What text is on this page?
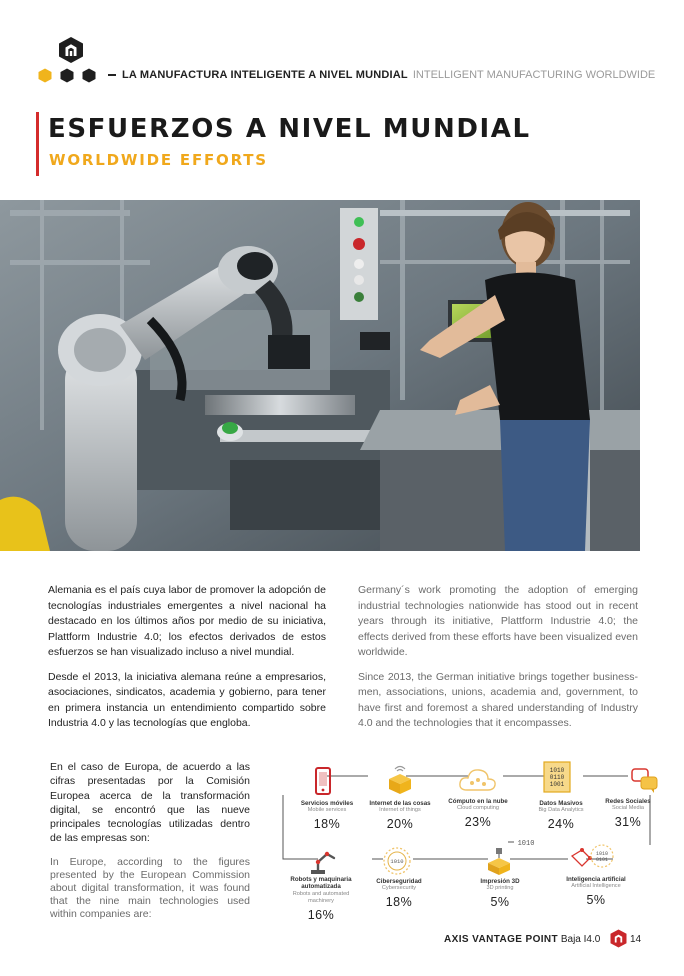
LA MANUFACTURA INTELIGENTE A NIVEL MUNDIAL INTELLIGENT MANUFACTURING WORLDWIDE
ESFUERZOS A NIVEL MUNDIAL
WORLDWIDE EFFORTS

Alemania es el país cuya labor de promover la adopción de tecnologías industriales emergentes a nivel nacional ha destacado en los últimos años por medio de su iniciativa, Plattform Industrie 4.0; los efectos derivados de estos esfuerzos se han visualizado incluso a nivel mundial.

Desde el 2013, la iniciativa alemana reúne a empresarios, asociaciones, sindicatos, academia y gobierno, para tener en primera instancia un entendimiento compartido sobre Industria 4.0 y las tecnologías que engloba.

Germany´s work promoting the adoption of emerging industrial technologies nationwide has stood out in recent years through its initiative, Plattform Industrie 4.0; the effects derived from these efforts have been visualized even worldwide.

Since 2013, the German initiative brings together business-men, associations, unions, academia and, government, to have first and foremost a shared understanding of Industry 4.0 and the technologies that it encompasses.

En el caso de Europa, de acuerdo a las cifras presentadas por la Comisión Europea acerca de la transformación digital, se encontró que las nueve principales tecnologías utilizadas dentro de las empresas son:

In Europe, according to the figures presented by the European Commission about digital transformation, it was found that the nine main technologies used within companies are:

1010
0110
1001
1010
1010
1010
0101
Servicios móviles
Mobile services
18%
Internet de las cosas
Internet of things
20%
Cómputo en la nube
Cloud computing
23%
Datos Masivos
Big Data Analytics
24%
Redes Sociales
Social Media
31%
Robots y maquinaria automatizada
Robots and automated machinery
16%
Ciberseguridad
Cybersecurity
18%
Impresión 3D
3D printing
5%
Inteligencia artificial
Artificial Intelligence
5%
AXIS VANTAGE POINT Baja I4.0	14
